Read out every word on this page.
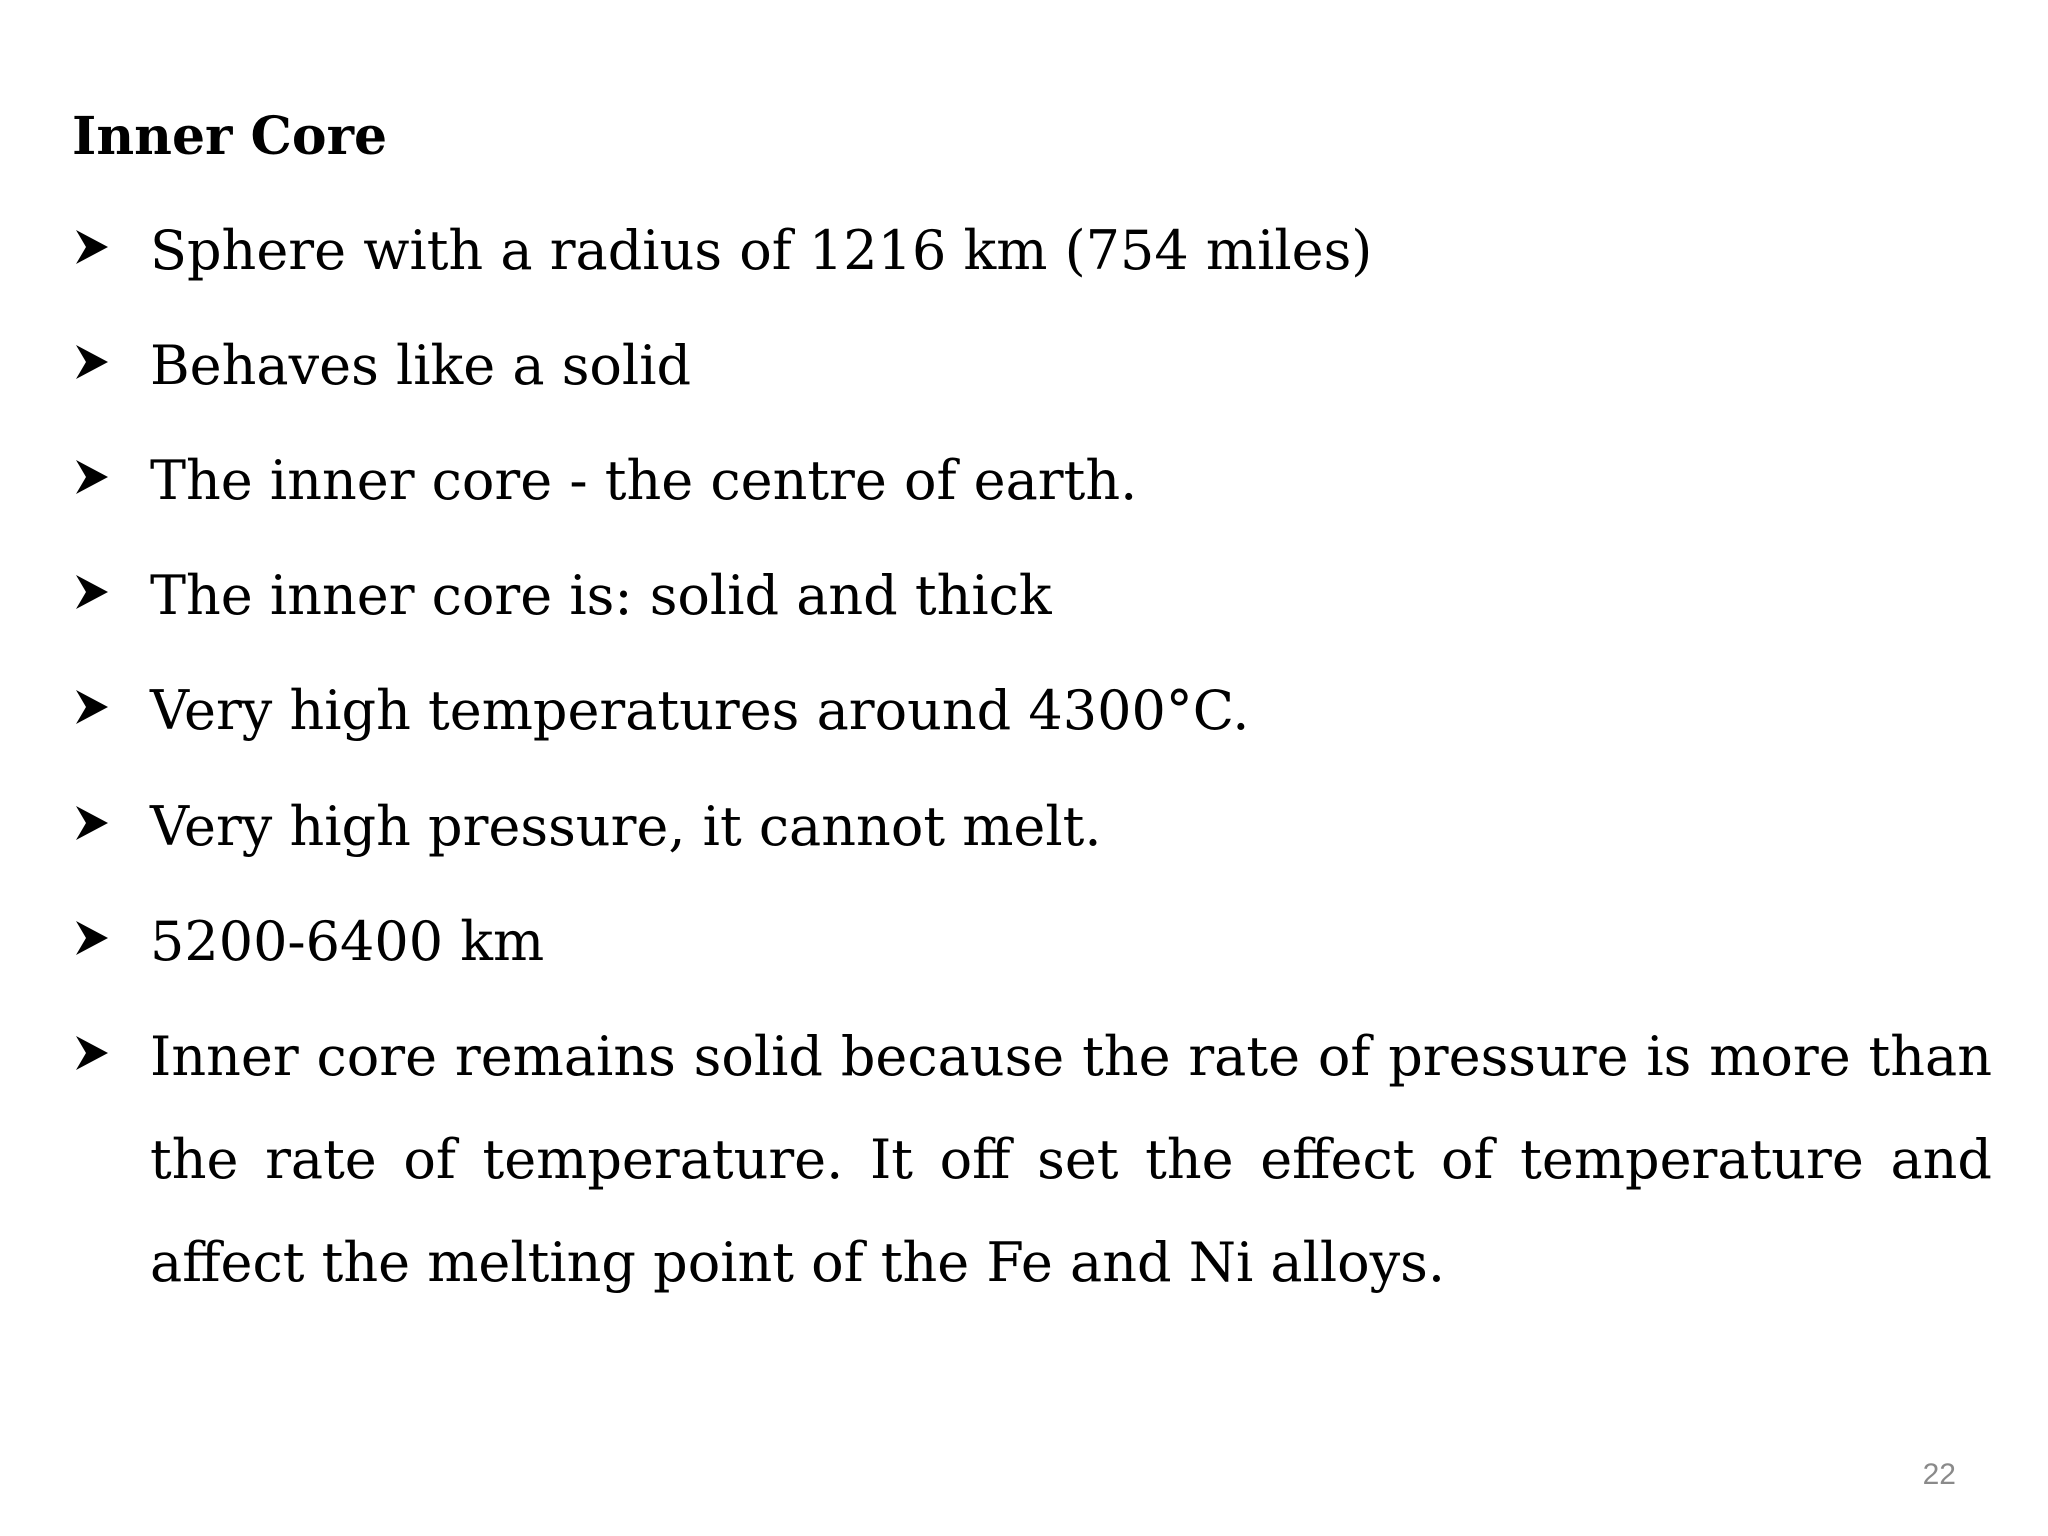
Inner Core
Sphere with a radius of 1216 km (754 miles)
Behaves like a solid
The inner core - the centre of earth.
The inner core is: solid and thick
Very high temperatures around 4300°C.
Very high pressure, it cannot melt.
5200-6400 km
Inner core remains solid because the rate of pressure is more than the rate of temperature. It off set the effect of temperature and affect the melting point of the Fe and Ni alloys.
22
